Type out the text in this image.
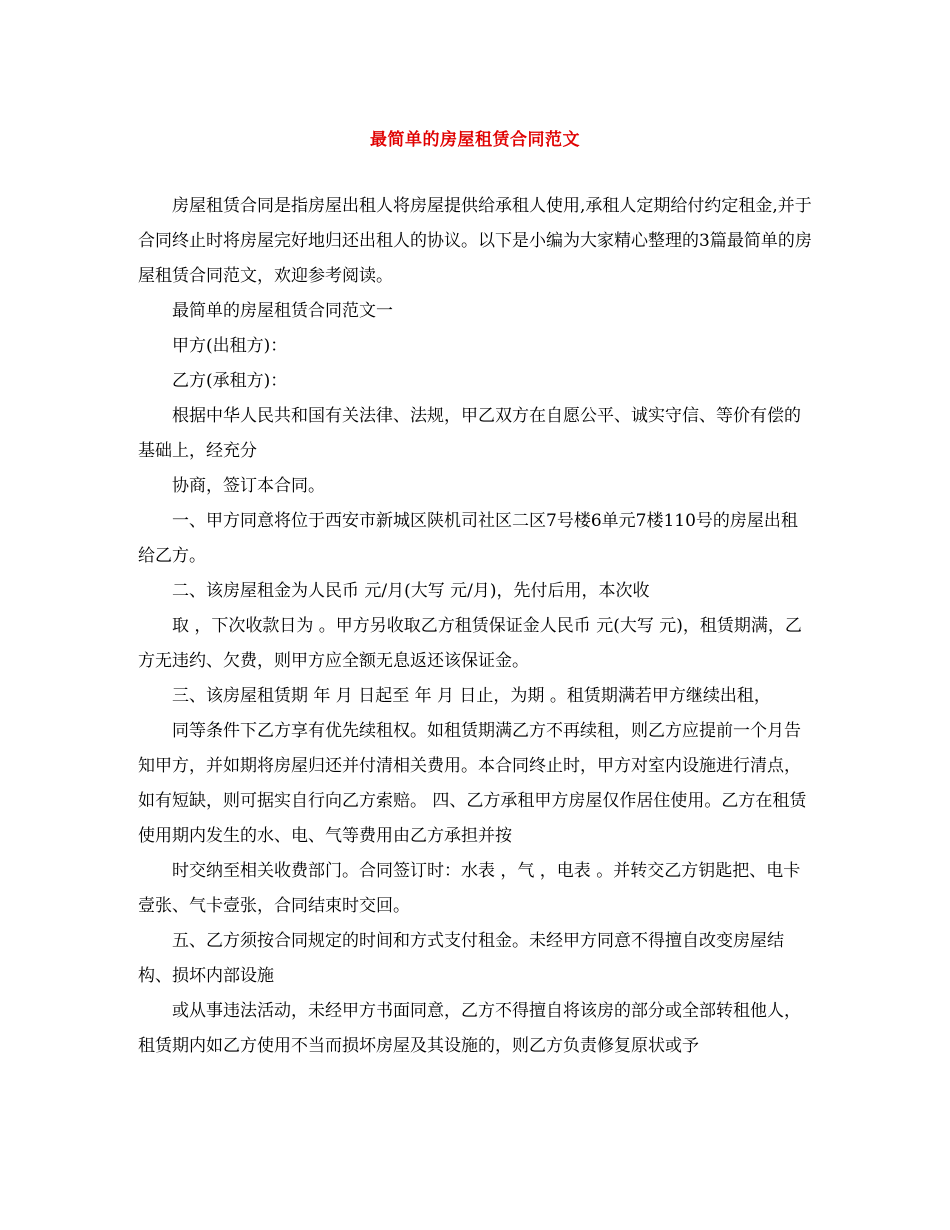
最简单的房屋租赁合同范文

房屋租赁合同是指房屋出租人将房屋提供给承租人使用,承租人定期给付约定租金,并于合同终止时将房屋完好地归还出租人的协议。以下是小编为大家精心整理的3篇最简单的房屋租赁合同范文，欢迎参考阅读。

最简单的房屋租赁合同范文一

甲方(出租方)：

乙方(承租方)：

根据中华人民共和国有关法律、法规，甲乙双方在自愿公平、诚实守信、等价有偿的基础上，经充分

协商，签订本合同。

一、甲方同意将位于西安市新城区陕机司社区二区7号楼6单元7楼110号的房屋出租给乙方。

二、该房屋租金为人民币 元/月(大写 元/月)，先付后用，本次收

取 ，下次收款日为 。甲方另收取乙方租赁保证金人民币 元(大写 元)，租赁期满，乙方无违约、欠费，则甲方应全额无息返还该保证金。

三、该房屋租赁期 年 月 日起至 年 月 日止，为期 。租赁期满若甲方继续出租，

同等条件下乙方享有优先续租权。如租赁期满乙方不再续租，则乙方应提前一个月告知甲方，并如期将房屋归还并付清相关费用。本合同终止时，甲方对室内设施进行清点，如有短缺，则可据实自行向乙方索赔。 四、乙方承租甲方房屋仅作居住使用。乙方在租赁使用期内发生的水、电、气等费用由乙方承担并按

时交纳至相关收费部门。合同签订时：水表 ，气 ，电表 。并转交乙方钥匙把、电卡壹张、气卡壹张，合同结束时交回。

五、乙方须按合同规定的时间和方式支付租金。未经甲方同意不得擅自改变房屋结构、损坏内部设施

或从事违法活动，未经甲方书面同意，乙方不得擅自将该房的部分或全部转租他人，租赁期内如乙方使用不当而损坏房屋及其设施的，则乙方负责修复原状或予
